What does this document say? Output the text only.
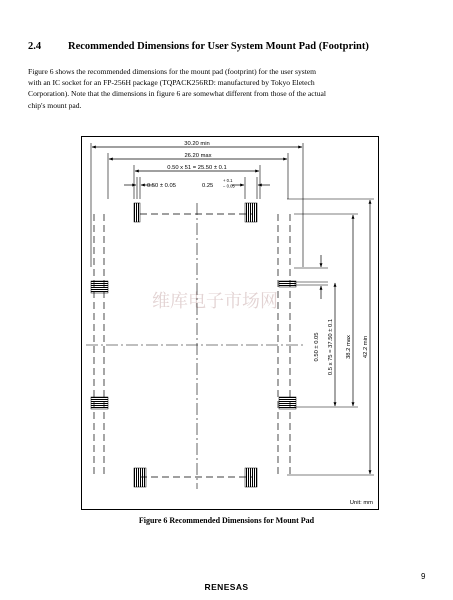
2.4	Recommended Dimensions for User System Mount Pad (Footprint)

Figure 6 shows the recommended dimensions for the mount pad (footprint) for the user system
with an IC socket for an FP-256H package (TQPACK256RD: manufactured by Tokyo Eletech
Corporation). Note that the dimensions in figure 6 are somewhat different from those of the actual
chip's mount pad.

维库电子市场网
30.20 min
26.20 max
0.50 x 51 = 25.50 ± 0.1
0.50 ± 0.05	0.25
+ 0.1
− 0.05
0.50 ± 0.05 0.5 x 75 = 37.50 ± 0.1 38.2 max 42.2 min
Unit: mm

Figure 6 Recommended Dimensions for Mount Pad

9
RENESAS
